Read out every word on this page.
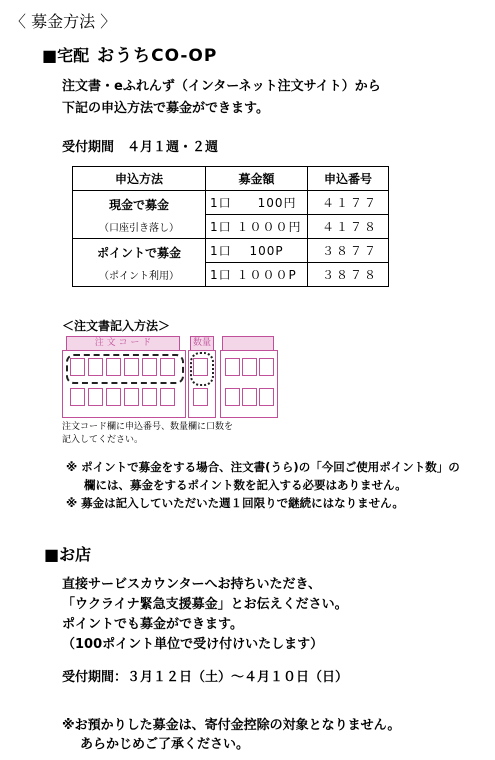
〈 募金方法 〉
■宅配 おうちCO-OP
注文書・eふれんず（インターネット注文サイト）から
下記の申込方法で募金ができます。
受付期間　４月１週・２週
申込方法	募金額	申込番号

現金で募金
（口座引き落し）	1口　　100円	４１７７
	1口 １０００円	４１７８

ポイントで募金
（ポイント利用）	1口　 100P	３８７７
	1口 １０００P	３８７８
＜注文書記入方法＞
注 文 コ ー ド	数量
注文コード欄に申込番号、数量欄に口数を
記入してください。
※ ポイントで募金をする場合、注文書(うら)の「今回ご使用ポイント数」の
欄には、募金をするポイント数を記入する必要はありません。
※ 募金は記入していただいた週１回限りで継続にはなりません。
■お店
直接サービスカウンターへお持ちいただき、
「ウクライナ緊急支援募金」とお伝えください。
ポイントでも募金ができます。
（100ポイント単位で受け付けいたします）
受付期間：３月１２日（土）～４月１０日（日）
※お預かりした募金は、寄付金控除の対象となりません。
あらかじめご了承ください。
